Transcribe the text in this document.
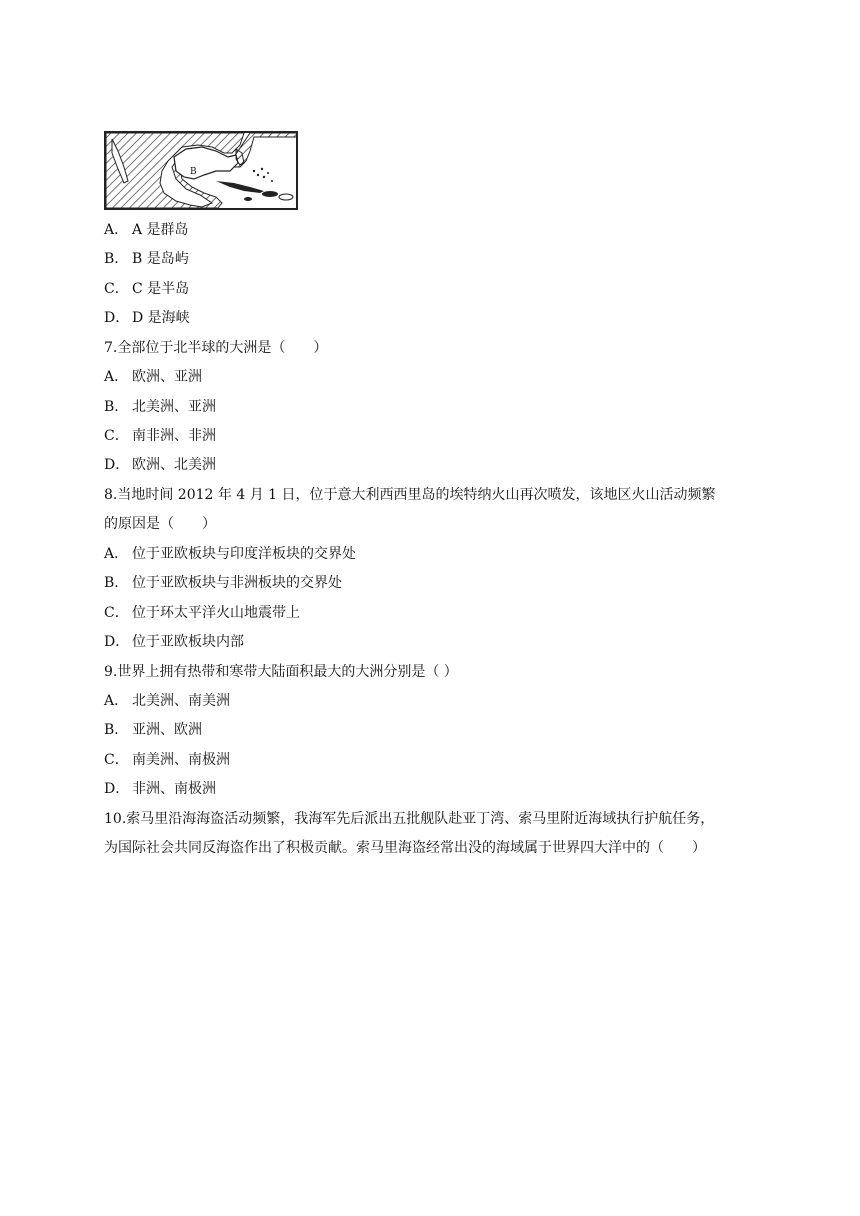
B
A． A 是群岛
B． B 是岛屿
C． C 是半岛
D． D 是海峡
7.全部位于北半球的大洲是（　　）
A． 欧洲、亚洲
B． 北美洲、亚洲
C． 南非洲、非洲
D． 欧洲、北美洲
8.当地时间 2012 年 4 月 1 日，位于意大利西西里岛的埃特纳火山再次喷发，该地区火山活动频繁
的原因是（　　）
A． 位于亚欧板块与印度洋板块的交界处
B． 位于亚欧板块与非洲板块的交界处
C． 位于环太平洋火山地震带上
D． 位于亚欧板块内部
9.世界上拥有热带和寒带大陆面积最大的大洲分别是（ ）
A． 北美洲、南美洲
B． 亚洲、欧洲
C． 南美洲、南极洲
D． 非洲、南极洲
10.索马里沿海海盗活动频繁，我海军先后派出五批舰队赴亚丁湾、索马里附近海域执行护航任务，
为国际社会共同反海盗作出了积极贡献。索马里海盗经常出没的海域属于世界四大洋中的（　　）
